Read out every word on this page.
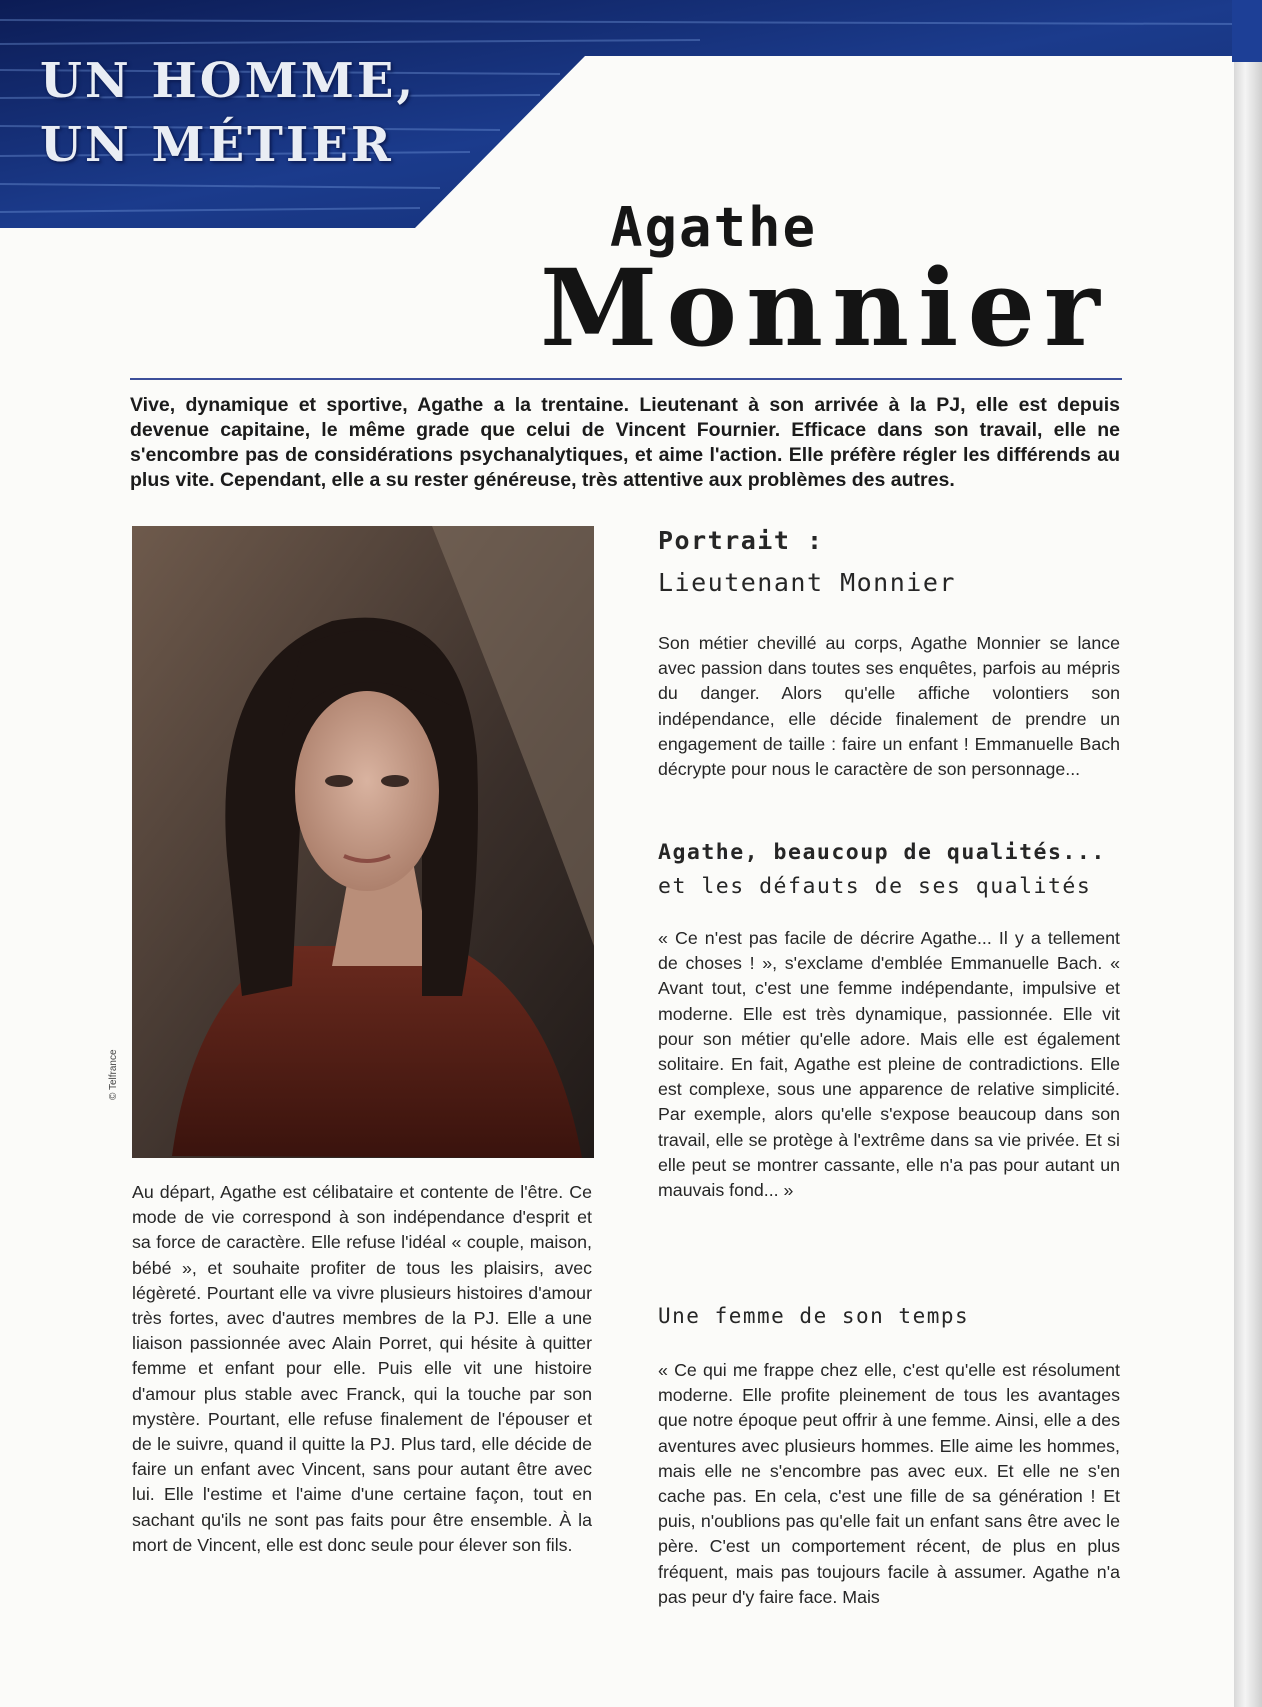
UN HOMME,
UN MÉTIER
Agathe
Monnier

Vive, dynamique et sportive, Agathe a la trentaine. Lieutenant à son arrivée à la PJ, elle est depuis devenue capitaine, le même grade que celui de Vincent Fournier. Efficace dans son travail, elle ne s'encombre pas de considérations psychanalytiques, et aime l'action. Elle préfère régler les différends au plus vite. Cependant, elle a su rester généreuse, très attentive aux problèmes des autres.

© Telfrance

Au départ, Agathe est célibataire et contente de l'être. Ce mode de vie correspond à son indépendance d'esprit et sa force de caractère. Elle refuse l'idéal « couple, maison, bébé », et souhaite profiter de tous les plaisirs, avec légèreté. Pourtant elle va vivre plusieurs histoires d'amour très fortes, avec d'autres membres de la PJ. Elle a une liaison passionnée avec Alain Porret, qui hésite à quitter femme et enfant pour elle. Puis elle vit une histoire d'amour plus stable avec Franck, qui la touche par son mystère. Pourtant, elle refuse finalement de l'épouser et de le suivre, quand il quitte la PJ. Plus tard, elle décide de faire un enfant avec Vincent, sans pour autant être avec lui. Elle l'estime et l'aime d'une certaine façon, tout en sachant qu'ils ne sont pas faits pour être ensemble. À la mort de Vincent, elle est donc seule pour élever son fils.

Portrait :
Lieutenant Monnier

Son métier chevillé au corps, Agathe Monnier se lance avec passion dans toutes ses enquêtes, parfois au mépris du danger. Alors qu'elle affiche volontiers son indépendance, elle décide finalement de prendre un engagement de taille : faire un enfant ! Emmanuelle Bach décrypte pour nous le caractère de son personnage...

Agathe, beaucoup de qualités...
et les défauts de ses qualités

« Ce n'est pas facile de décrire Agathe... Il y a tellement de choses ! », s'exclame d'emblée Emmanuelle Bach. « Avant tout, c'est une femme indépendante, impulsive et moderne. Elle est très dynamique, passionnée. Elle vit pour son métier qu'elle adore. Mais elle est également solitaire. En fait, Agathe est pleine de contradictions. Elle est complexe, sous une apparence de relative simplicité. Par exemple, alors qu'elle s'expose beaucoup dans son travail, elle se protège à l'extrême dans sa vie privée. Et si elle peut se montrer cassante, elle n'a pas pour autant un mauvais fond... »

Une femme de son temps

« Ce qui me frappe chez elle, c'est qu'elle est résolument moderne. Elle profite pleinement de tous les avantages que notre époque peut offrir à une femme. Ainsi, elle a des aventures avec plusieurs hommes. Elle aime les hommes, mais elle ne s'encombre pas avec eux. Et elle ne s'en cache pas. En cela, c'est une fille de sa génération ! Et puis, n'oublions pas qu'elle fait un enfant sans être avec le père. C'est un comportement récent, de plus en plus fréquent, mais pas toujours facile à assumer. Agathe n'a pas peur d'y faire face. Mais
